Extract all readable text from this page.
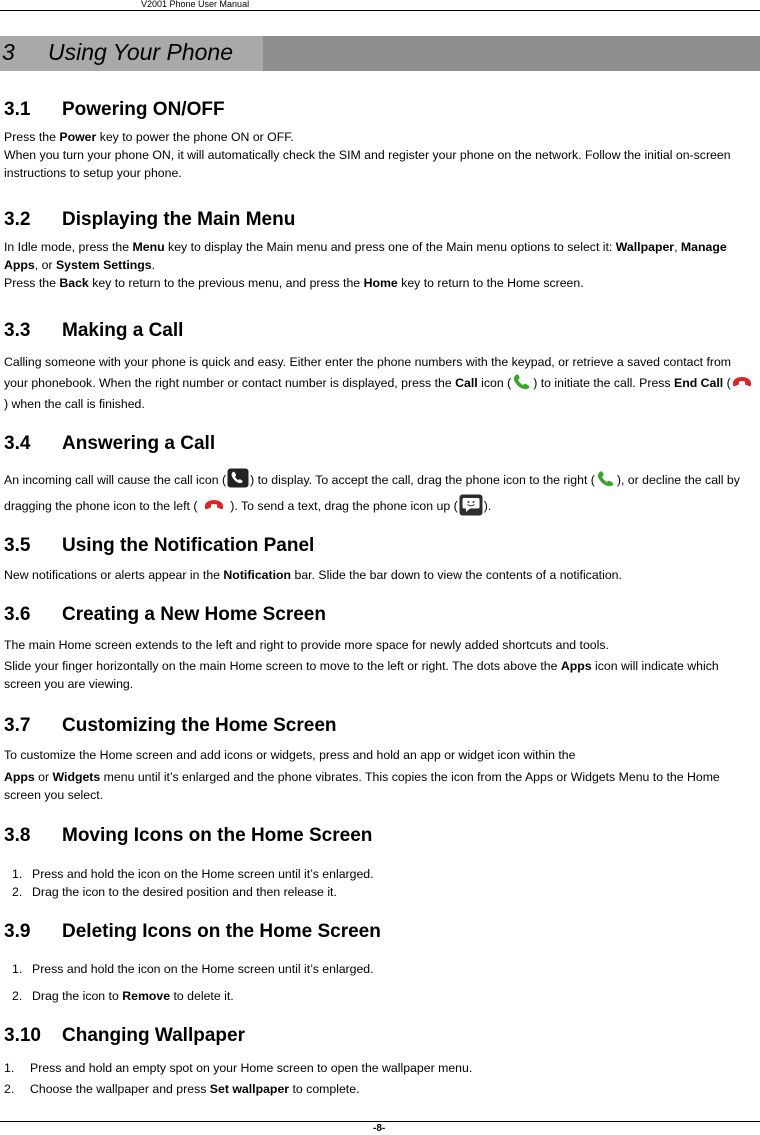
V2001 Phone User Manual
3 Using Your Phone
3.1 Powering ON/OFF

Press the Power key to power the phone ON or OFF.

When you turn your phone ON, it will automatically check the SIM and register your phone on the network. Follow the initial on-screen instructions to setup your phone.

3.2 Displaying the Main Menu

In Idle mode, press the Menu key to display the Main menu and press one of the Main menu options to select it: Wallpaper, Manage Apps, or System Settings.

Press the Back key to return to the previous menu, and press the Home key to return to the Home screen.

3.3 Making a Call

Calling someone with your phone is quick and easy. Either enter the phone numbers with the keypad, or retrieve a saved contact from your phonebook. When the right number or contact number is displayed, press the Call icon ( ) to initiate the call. Press End Call ( ) when the call is finished.

3.4 Answering a Call

An incoming call will cause the call icon ( ) to display. To accept the call, drag the phone icon to the right ( ), or decline the call by dragging the phone icon to the left (  ). To send a text, drag the phone icon up ( ).

3.5 Using the Notification Panel

New notifications or alerts appear in the Notification bar. Slide the bar down to view the contents of a notification.

3.6 Creating a New Home Screen

The main Home screen extends to the left and right to provide more space for newly added shortcuts and tools.

Slide your finger horizontally on the main Home screen to move to the left or right. The dots above the Apps icon will indicate which screen you are viewing.

3.7 Customizing the Home Screen

To customize the Home screen and add icons or widgets, press and hold an app or widget icon within the

Apps or Widgets menu until it’s enlarged and the phone vibrates. This copies the icon from the Apps or Widgets Menu to the Home screen you select.

3.8 Moving Icons on the Home Screen
1. Press and hold the icon on the Home screen until it’s enlarged.
2. Drag the icon to the desired position and then release it.
3.9 Deleting Icons on the Home Screen
1. Press and hold the icon on the Home screen until it’s enlarged.
2. Drag the icon to Remove to delete it.
3.10 Changing Wallpaper
1. Press and hold an empty spot on your Home screen to open the wallpaper menu.
2. Choose the wallpaper and press Set wallpaper to complete.
-8-
